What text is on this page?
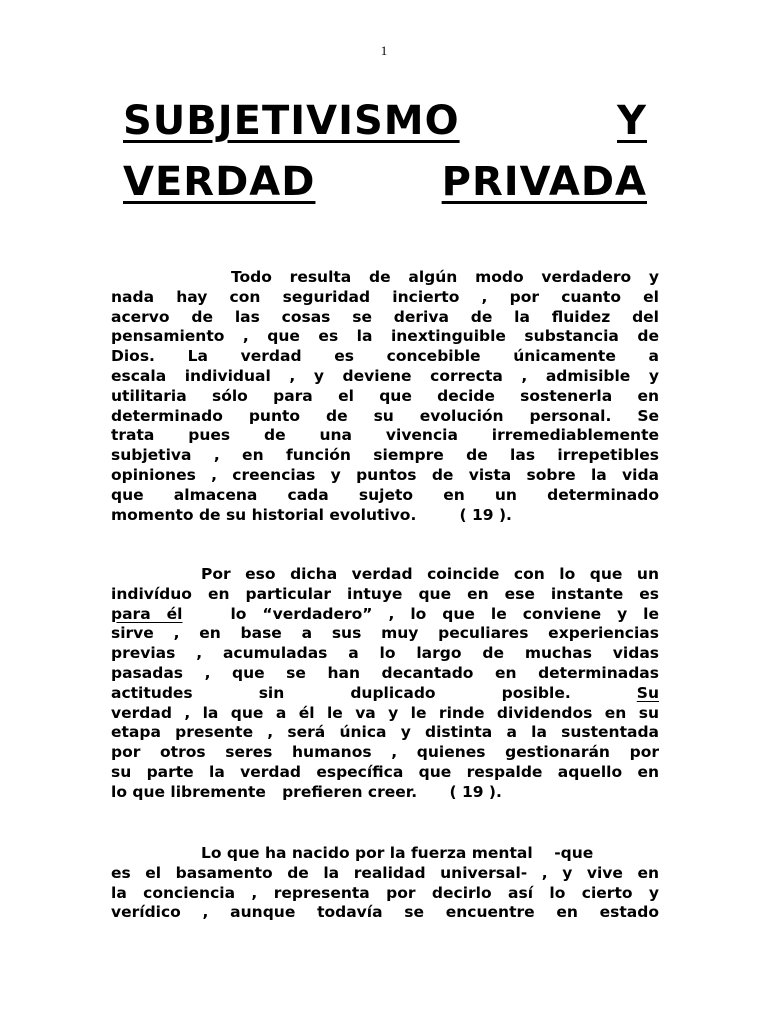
1
SUBJETIVISMO	Y
VERDAD	PRIVADA
Todo resulta de algún modo verdadero y
nada hay con seguridad incierto , por cuanto el
acervo de las cosas se deriva de la fluidez del
pensamiento , que es la inextinguible substancia de
Dios. La verdad es concebible únicamente a
escala individual , y deviene correcta , admisible y
utilitaria sólo para el que decide sostenerla en
determinado punto de su evolución personal. Se
trata pues de una vivencia irremediablemente
subjetiva , en función siempre de las irrepetibles
opiniones , creencias y puntos de vista sobre la vida
que almacena cada sujeto en un determinado
momento de su historial evolutivo.        ( 19 ).
Por eso dicha verdad coincide con lo que un
indivíduo en particular intuye que en ese instante es
para él	lo “verdadero” , lo que le conviene y le
sirve , en base a sus muy peculiares experiencias
previas , acumuladas a lo largo de muchas vidas
pasadas , que se han decantado en determinadas
actitudes sin duplicado posible.	Su
verdad , la que a él le va y le rinde dividendos en su
etapa presente , será única y distinta a la sustentada
por otros seres humanos , quienes gestionarán por
su parte la verdad específica que respalde aquello en
lo que libremente   prefieren creer.      ( 19 ).
Lo que ha nacido por la fuerza mental    -que
es el basamento de la realidad universal- , y vive en
la conciencia , representa por decirlo así lo cierto y
verídico , aunque todavía se encuentre en estado
